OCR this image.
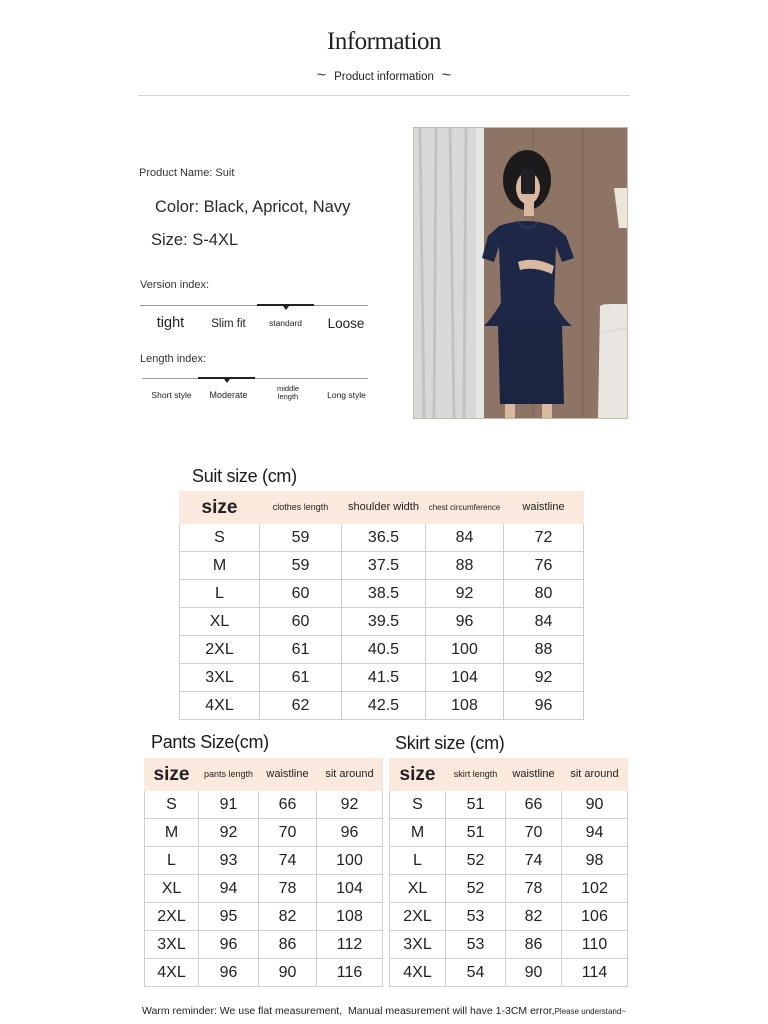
Information
~ Product information ~
Product Name: Suit
Color: Black, Apricot, Navy
Size: S-4XL
Version index:
tight	Slim fit	standard	Loose
Length index:
Short style	Moderate
middle length	Long style
Suit size (cm)
size	clothes length	shoulder width	chest circumference	waistline
S	59	36.5	84	72
M	59	37.5	88	76
L	60	38.5	92	80
XL	60	39.5	96	84
2XL	61	40.5	100	88
3XL	61	41.5	104	92
4XL	62	42.5	108	96
Pants Size(cm)
size	pants length	waistline	sit around
S	91	66	92
M	92	70	96
L	93	74	100
XL	94	78	104
2XL	95	82	108
3XL	96	86	112
4XL	96	90	116
Skirt size (cm)
size	skirt length	waistline	sit around
S	51	66	90
M	51	70	94
L	52	74	98
XL	52	78	102
2XL	53	82	106
3XL	53	86	110
4XL	54	90	114
Warm reminder: We use flat measurement, Manual measurement will have 1-3CM error,Please understand~
